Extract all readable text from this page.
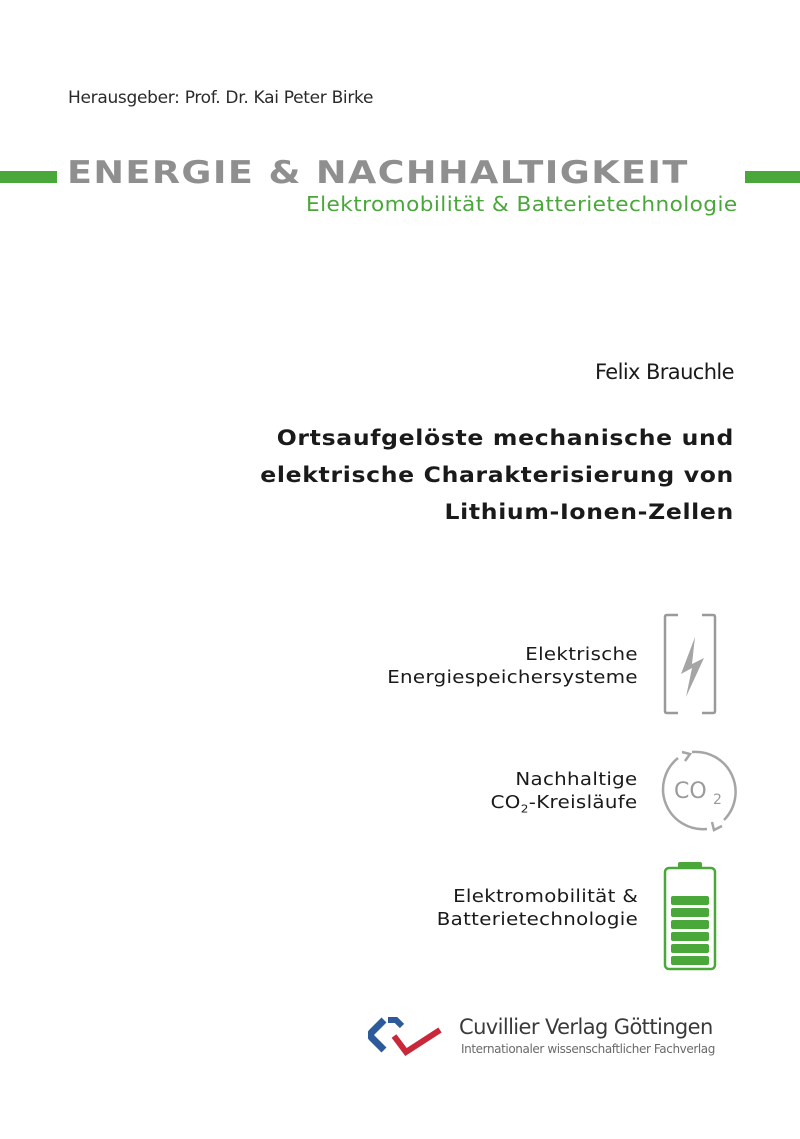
Herausgeber: Prof. Dr. Kai Peter Birke
ENERGIE & NACHHALTIGKEIT
Elektromobilität & Batterietechnologie
Felix Brauchle
Ortsaufgelöste mechanische und
elektrische Charakterisierung von
Lithium-Ionen-Zellen
Elektrische
Energiespeichersysteme
Nachhaltige
$CO_2$-Kreisläufe CO 2
Elektromobilität &
Batterietechnologie
Cuvillier Verlag Göttingen
Internationaler wissenschaftlicher Fachverlag
